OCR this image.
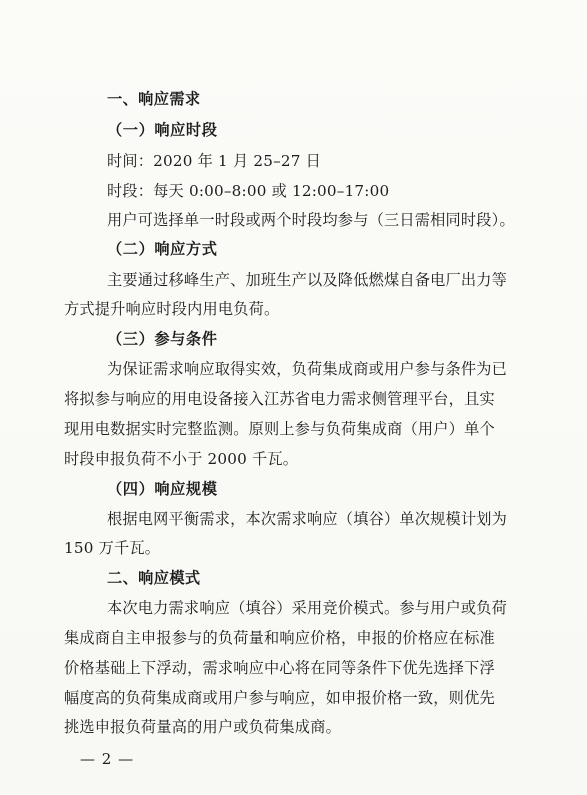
一、响应需求
（一）响应时段
时间：2020 年 1 月 25–27 日
时段：每天 0:00–8:00 或 12:00–17:00
用户可选择单一时段或两个时段均参与（三日需相同时段）。
（二）响应方式
主要通过移峰生产、加班生产以及降低燃煤自备电厂出力等
方式提升响应时段内用电负荷。
（三）参与条件
为保证需求响应取得实效，负荷集成商或用户参与条件为已
将拟参与响应的用电设备接入江苏省电力需求侧管理平台，且实
现用电数据实时完整监测。原则上参与负荷集成商（用户）单个
时段申报负荷不小于 2000 千瓦。
（四）响应规模
根据电网平衡需求，本次需求响应（填谷）单次规模计划为
150 万千瓦。
二、响应模式
本次电力需求响应（填谷）采用竞价模式。参与用户或负荷
集成商自主申报参与的负荷量和响应价格，申报的价格应在标准
价格基础上下浮动，需求响应中心将在同等条件下优先选择下浮
幅度高的负荷集成商或用户参与响应，如申报价格一致，则优先
挑选申报负荷量高的用户或负荷集成商。
— 2 —
